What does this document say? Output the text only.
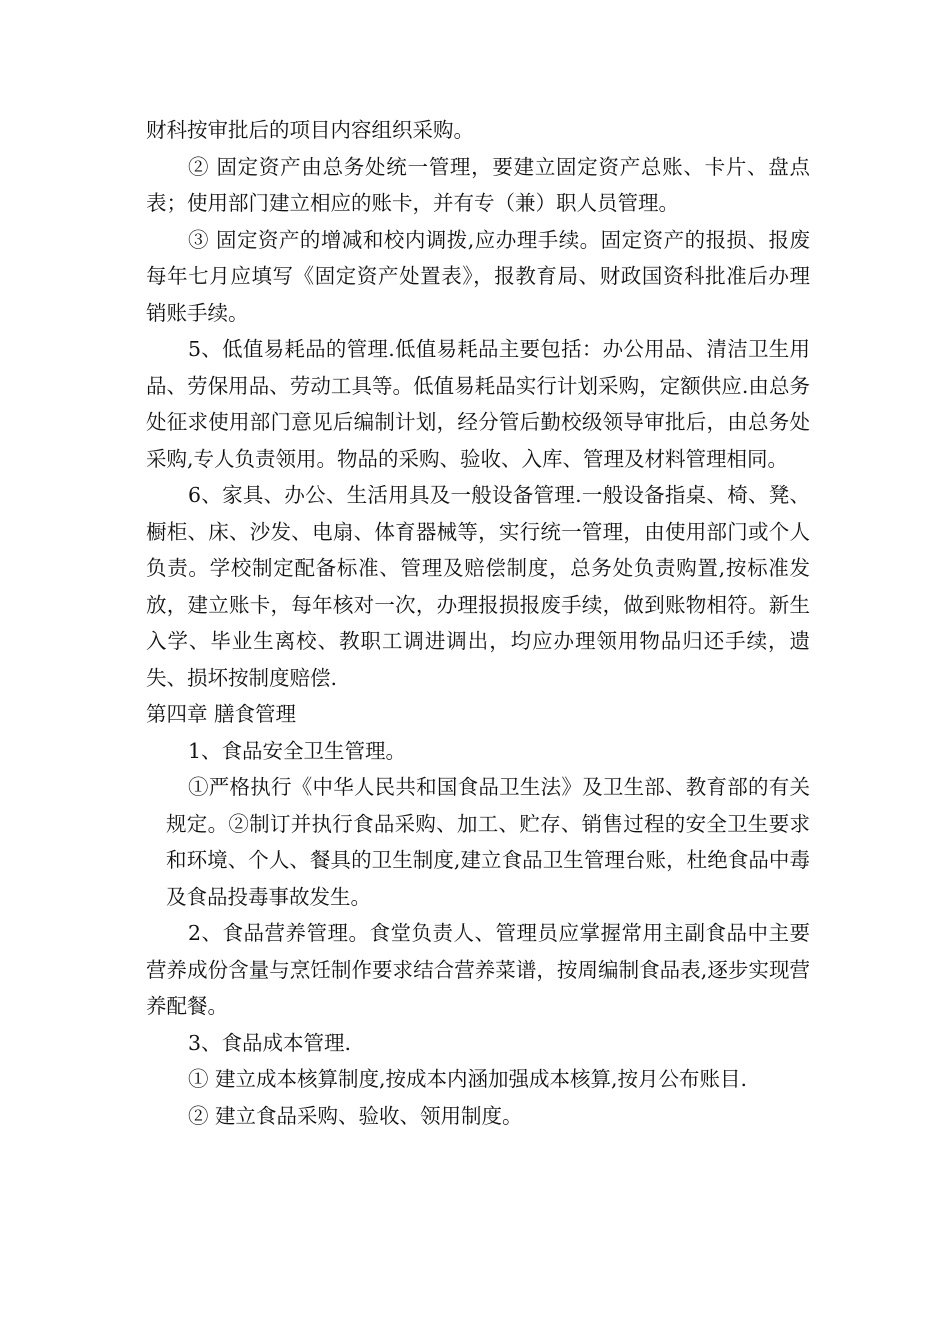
财科按审批后的项目内容组织采购。

② 固定资产由总务处统一管理，要建立固定资产总账、卡片、盘点表；使用部门建立相应的账卡，并有专（兼）职人员管理。

③ 固定资产的增减和校内调拨,应办理手续。固定资产的报损、报废每年七月应填写《固定资产处置表》，报教育局、财政国资科批准后办理销账手续。

5、低值易耗品的管理.低值易耗品主要包括：办公用品、清洁卫生用品、劳保用品、劳动工具等。低值易耗品实行计划采购，定额供应.由总务处征求使用部门意见后编制计划，经分管后勤校级领导审批后，由总务处采购,专人负责领用。物品的采购、验收、入库、管理及材料管理相同。

6、家具、办公、生活用具及一般设备管理.一般设备指桌、椅、凳、橱柜、床、沙发、电扇、体育器械等，实行统一管理，由使用部门或个人负责。学校制定配备标准、管理及赔偿制度，总务处负责购置,按标准发放，建立账卡，每年核对一次，办理报损报废手续，做到账物相符。新生入学、毕业生离校、教职工调进调出，均应办理领用物品归还手续，遗失、损坏按制度赔偿.

第四章 膳食管理

1、食品安全卫生管理。

①严格执行《中华人民共和国食品卫生法》及卫生部、教育部的有关规定。②制订并执行食品采购、加工、贮存、销售过程的安全卫生要求和环境、个人、餐具的卫生制度,建立食品卫生管理台账，杜绝食品中毒及食品投毒事故发生。

2、食品营养管理。食堂负责人、管理员应掌握常用主副食品中主要营养成份含量与烹饪制作要求结合营养菜谱，按周编制食品表,逐步实现营养配餐。

3、食品成本管理.

① 建立成本核算制度,按成本内涵加强成本核算,按月公布账目.

② 建立食品采购、验收、领用制度。
